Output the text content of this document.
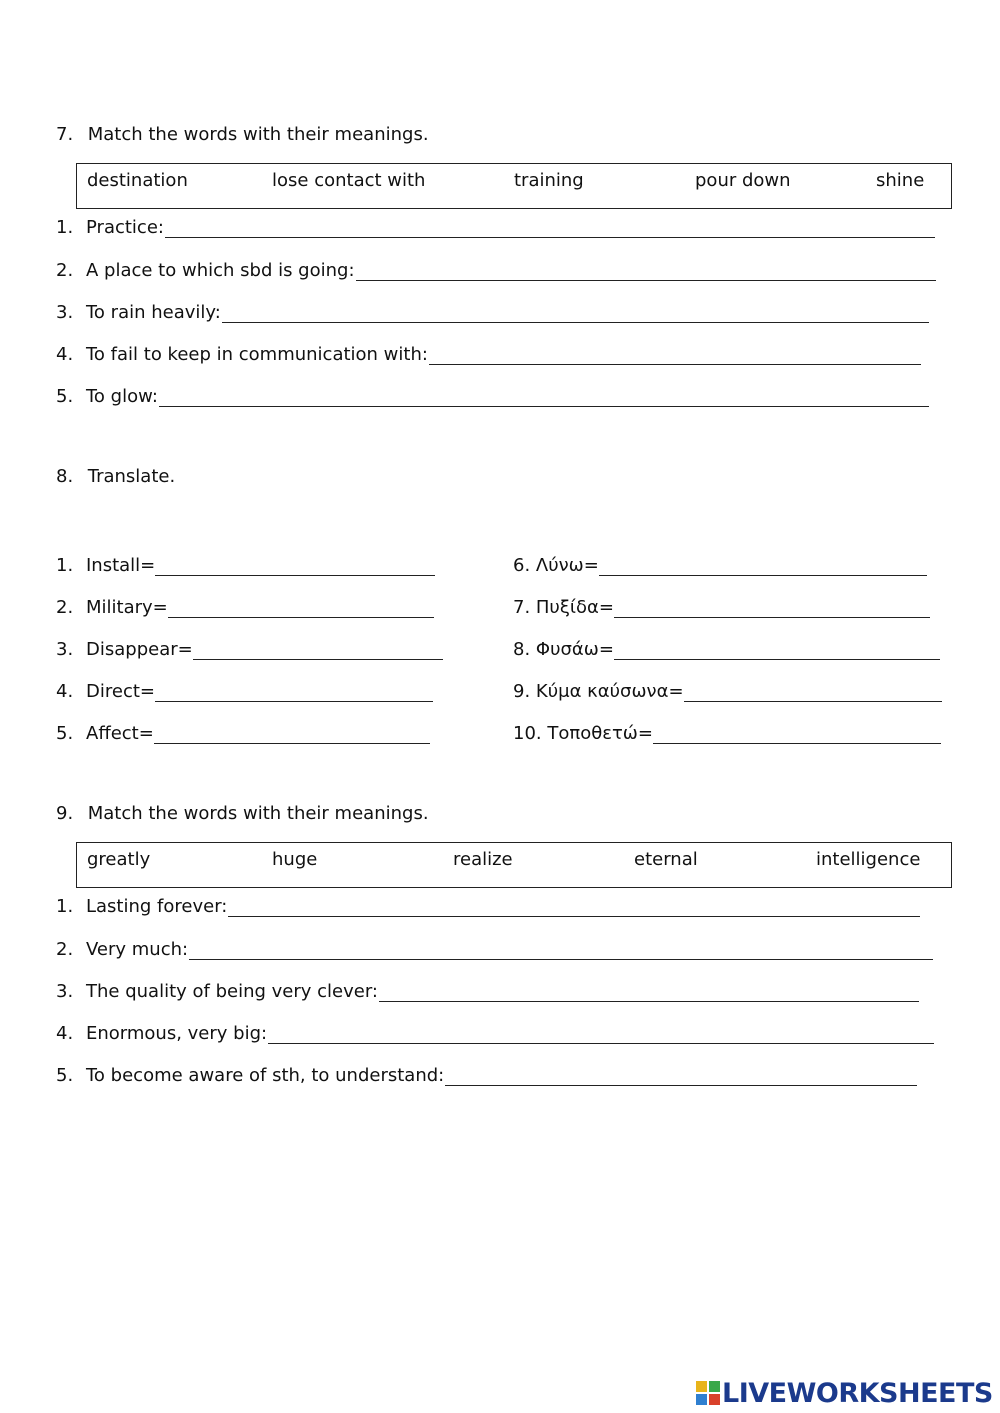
7. Match the words with their meanings.
destination	lose contact with	training	pour down	shine
1. Practice:
2. A place to which sbd is going:
3. To rain heavily:
4. To fail to keep in communication with:
5. To glow:
8. Translate.
1. Install=
2. Military=
3. Disappear=
4. Direct=
5. Affect=
6. Λύνω=
7. Πυξίδα=
8. Φυσάω=
9. Κύμα καύσωνα=
10. Τοποθετώ=
9. Match the words with their meanings.
greatly	huge	realize	eternal	intelligence
1. Lasting forever:
2. Very much:
3. The quality of being very clever:
4. Enormous, very big:
5. To become aware of sth, to understand:
LIVEWORKSHEETS
